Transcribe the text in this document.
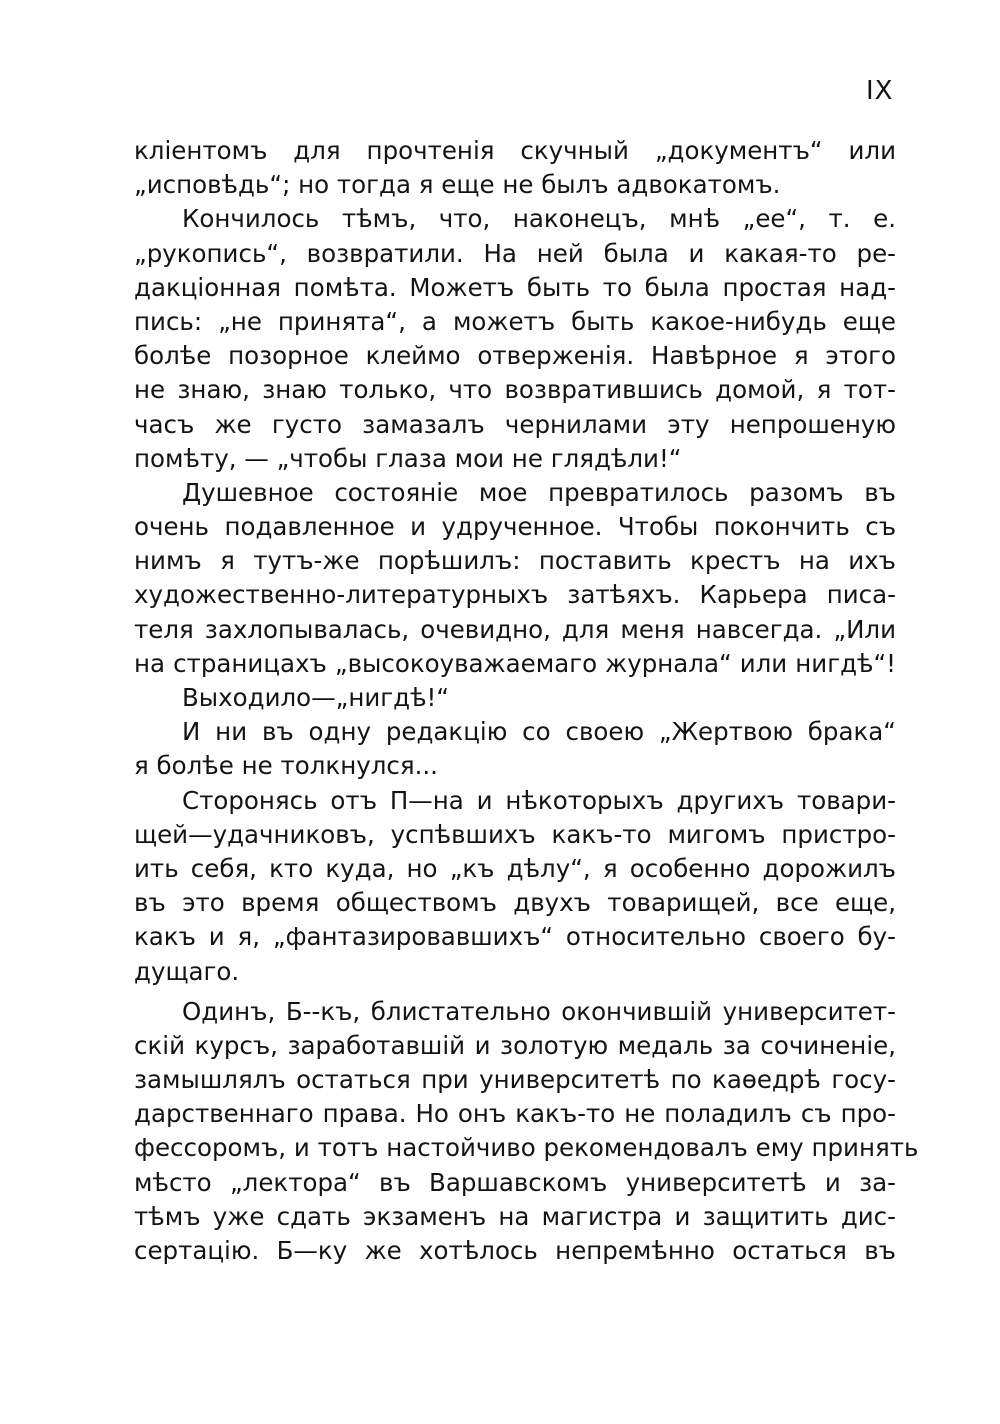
IX
кліентомъ для прочтенія скучный „документъ“ или
„исповѣдь“; но тогда я еще не былъ адвокатомъ.
Кончилось тѣмъ, что, наконецъ, мнѣ „ее“, т. е.
„рукопись“, возвратили. На ней была и какая-то ре-
дакціонная помѣта. Можетъ быть то была простая над-
пись: „не принята“, а можетъ быть какое-нибудь еще
болѣе позорное клеймо отверженія. Навѣрное я этого
не знаю, знаю только, что возвратившись домой, я тот-
часъ же густо замазалъ чернилами эту непрошеную
помѣту, — „чтобы глаза мои не глядѣли!“
Душевное состояніе мое превратилось разомъ въ
очень подавленное и удрученное. Чтобы покончить съ
нимъ я тутъ-же порѣшилъ: поставить крестъ на ихъ
художественно-литературныхъ затѣяхъ. Карьера писа-
теля захлопывалась, очевидно, для меня навсегда. „Или
на страницахъ „высокоуважаемаго журнала“ или нигдѣ“!
Выходило—„нигдѣ!“
И ни въ одну редакцію со своею „Жертвою брака“
я болѣе не толкнулся...
Сторонясь отъ П—на и нѣкоторыхъ другихъ товари-
щей—удачниковъ, успѣвшихъ какъ-то мигомъ пристро-
ить себя, кто куда, но „къ дѣлу“, я особенно дорожилъ
въ это время обществомъ двухъ товарищей, все еще,
какъ и я, „фантазировавшихъ“ относительно своего бу-
дущаго.
Одинъ, Б--къ, блистательно окончившій университет-
скій курсъ, заработавшій и золотую медаль за сочиненіе,
замышлялъ остаться при университетѣ по каѳедрѣ госу-
дарственнаго права. Но онъ какъ-то не поладилъ съ про-
фессоромъ, и тотъ настойчиво рекомендовалъ ему принять
мѣсто „лектора“ въ Варшавскомъ университетѣ и за-
тѣмъ уже сдать экзаменъ на магистра и защитить дис-
сертацію. Б—ку же хотѣлось непремѣнно остаться въ
